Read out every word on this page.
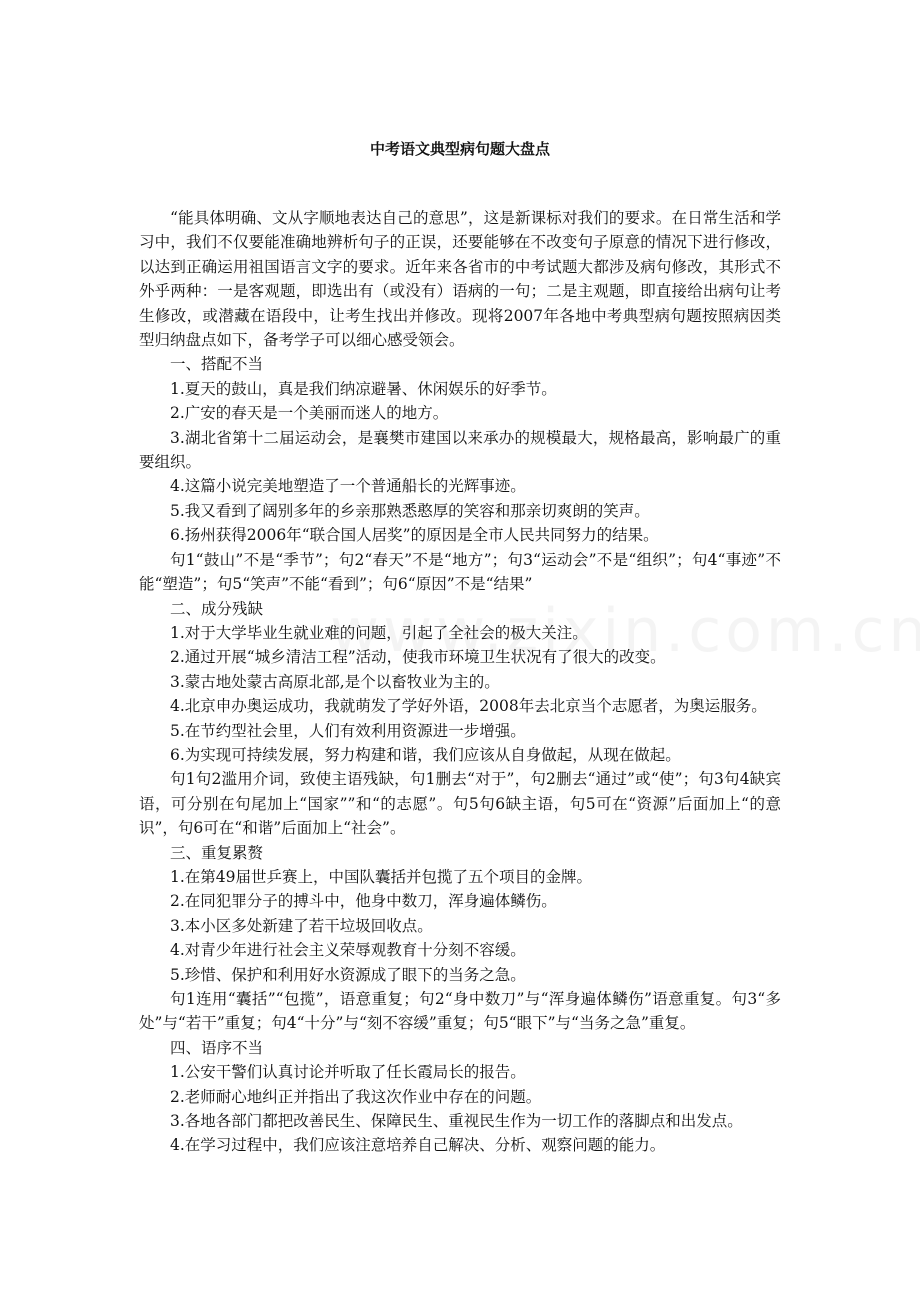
中考语文典型病句题大盘点

“能具体明确、文从字顺地表达自己的意思”，这是新课标对我们的要求。在日常生活和学习中，我们不仅要能准确地辨析句子的正误，还要能够在不改变句子原意的情况下进行修改，以达到正确运用祖国语言文字的要求。近年来各省市的中考试题大都涉及病句修改，其形式不外乎两种：一是客观题，即选出有（或没有）语病的一句；二是主观题，即直接给出病句让考生修改，或潜藏在语段中，让考生找出并修改。现将2007年各地中考典型病句题按照病因类型归纳盘点如下，备考学子可以细心感受领会。

一、搭配不当

1.夏天的鼓山，真是我们纳凉避暑、休闲娱乐的好季节。

2.广安的春天是一个美丽而迷人的地方。

3.湖北省第十二届运动会，是襄樊市建国以来承办的规模最大，规格最高，影响最广的重要组织。

4.这篇小说完美地塑造了一个普通船长的光辉事迹。

5.我又看到了阔别多年的乡亲那熟悉憨厚的笑容和那亲切爽朗的笑声。

6.扬州获得2006年“联合国人居奖”的原因是全市人民共同努力的结果。

句1“鼓山”不是“季节”；句2“春天”不是“地方”；句3“运动会”不是“组织”；句4“事迹”不能“塑造”；句5“笑声”不能“看到”；句6“原因”不是“结果”

二、成分残缺

1.对于大学毕业生就业难的问题，引起了全社会的极大关注。

2.通过开展“城乡清洁工程”活动，使我市环境卫生状况有了很大的改变。

3.蒙古地处蒙古高原北部,是个以畜牧业为主的。

4.北京申办奥运成功，我就萌发了学好外语，2008年去北京当个志愿者，为奥运服务。

5.在节约型社会里，人们有效利用资源进一步增强。

6.为实现可持续发展，努力构建和谐，我们应该从自身做起，从现在做起。

句1句2滥用介词，致使主语残缺，句1删去“对于”，句2删去“通过”或“使”；句3句4缺宾语，可分别在句尾加上“国家””和“的志愿”。句5句6缺主语，句5可在“资源”后面加上“的意识”，句6可在“和谐”后面加上“社会”。

三、重复累赘

1.在第49届世乒赛上，中国队囊括并包揽了五个项目的金牌。

2.在同犯罪分子的搏斗中，他身中数刀，浑身遍体鳞伤。

3.本小区多处新建了若干垃圾回收点。

4.对青少年进行社会主义荣辱观教育十分刻不容缓。

5.珍惜、保护和利用好水资源成了眼下的当务之急。

句1连用“囊括”“包揽”，语意重复；句2“身中数刀”与“浑身遍体鳞伤”语意重复。句3“多处”与“若干”重复；句4“十分”与“刻不容缓”重复；句5“眼下”与“当务之急”重复。

四、语序不当

1.公安干警们认真讨论并听取了任长霞局长的报告。

2.老师耐心地纠正并指出了我这次作业中存在的问题。

3.各地各部门都把改善民生、保障民生、重视民生作为一切工作的落脚点和出发点。

4.在学习过程中，我们应该注意培养自己解决、分析、观察问题的能力。
